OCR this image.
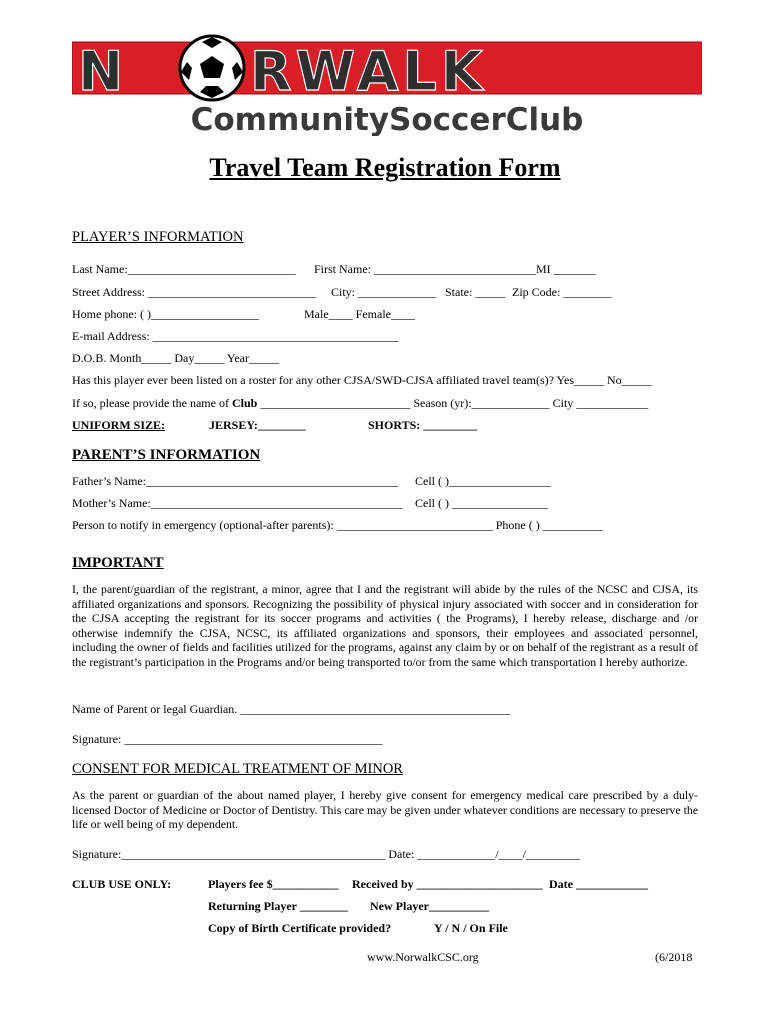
N RWALK
CommunitySoccerClub
Travel Team Registration Form
PLAYER’S INFORMATION
Last Name:____________________________ First Name: ___________________________MI _______
Street Address: ____________________________ City: _____________ State: _____ Zip Code: ________
Home phone: ( )__________________	Male____ Female____
E-mail Address: _________________________________________
D.O.B. Month_____ Day_____ Year_____
Has this player ever been listed on a roster for any other CJSA/SWD-CJSA affiliated travel team(s)? Yes_____ No_____
If so, please provide the name of Club _________________________ Season (yr):_____________ City ____________
UNIFORM SIZE:	JERSEY:________	SHORTS: _________
PARENT’S INFORMATION
Father’s Name:__________________________________________ Cell ( )_________________
Mother’s Name:__________________________________________ Cell ( ) ________________
Person to notify in emergency (optional-after parents): __________________________ Phone ( ) __________
IMPORTANT
I, the parent/guardian of the registrant, a minor, agree that I and the registrant will abide by the rules of the NCSC and CJSA, its affiliated organizations and sponsors. Recognizing the possibility of physical injury associated with soccer and in consideration for the CJSA accepting the registrant for its soccer programs and activities ( the Programs), I hereby release, discharge and /or otherwise indemnify the CJSA, NCSC, its affiliated organizations and sponsors, their employees and associated personnel, including the owner of fields and facilities utilized for the programs, against any claim by or on behalf of the registrant as a result of the registrant’s participation in the Programs and/or being transported to/or from the same which transportation I hereby authorize.
Name of Parent or legal Guardian. _____________________________________________
Signature: ___________________________________________
CONSENT FOR MEDICAL TREATMENT OF MINOR
As the parent or guardian of the about named player, I hereby give consent for emergency medical care prescribed by a duly-licensed Doctor of Medicine or Doctor of Dentistry. This care may be given under whatever conditions are necessary to preserve the life or well being of my dependent.
Signature:____________________________________________ Date: _____________/____/_________
CLUB USE ONLY:	Players fee $___________ Received by _____________________ Date ____________
Returning Player ________ New Player__________
Copy of Birth Certificate provided?	Y / N / On File
www.NorwalkCSC.org	(6/2018
